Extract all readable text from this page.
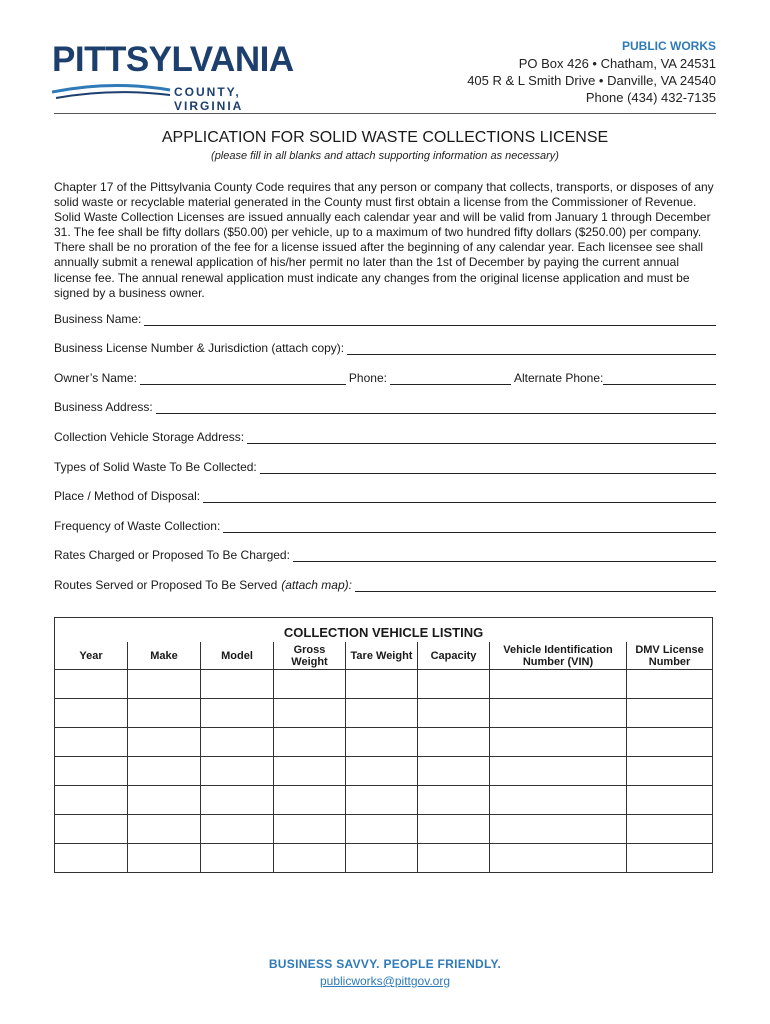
PITTSYLVANIA
COUNTY, VIRGINIA
PUBLIC WORKS
PO Box 426 • Chatham, VA 24531
405 R & L Smith Drive • Danville, VA 24540
Phone (434) 432-7135
APPLICATION FOR SOLID WASTE COLLECTIONS LICENSE
(please fill in all blanks and attach supporting information as necessary)
Chapter 17 of the Pittsylvania County Code requires that any person or company that collects, transports, or disposes of any solid waste or recyclable material generated in the County must first obtain a license from the Commissioner of Revenue. Solid Waste Collection Licenses are issued annually each calendar year and will be valid from January 1 through December 31. The fee shall be fifty dollars ($50.00) per vehicle, up to a maximum of two hundred fifty dollars ($250.00) per company. There shall be no proration of the fee for a license issued after the beginning of any calendar year. Each licensee see shall annually submit a renewal application of his/her permit no later than the 1st of December by paying the current annual license fee. The annual renewal application must indicate any changes from the original license application and must be signed by a business owner.
Business Name:
Business License Number & Jurisdiction (attach copy):
Owner’s Name:	Phone:	Alternate Phone:
Business Address:
Collection Vehicle Storage Address:
Types of Solid Waste To Be Collected:
Place / Method of Disposal:
Frequency of Waste Collection:
Rates Charged or Proposed To Be Charged:
Routes Served or Proposed To Be Served (attach map):
COLLECTION VEHICLE LISTING							
Year	Make	Model	Gross Weight	Tare Weight	Capacity	Vehicle Identification Number (VIN)	DMV License Number

BUSINESS SAVVY. PEOPLE FRIENDLY.
publicworks@pittgov.org
